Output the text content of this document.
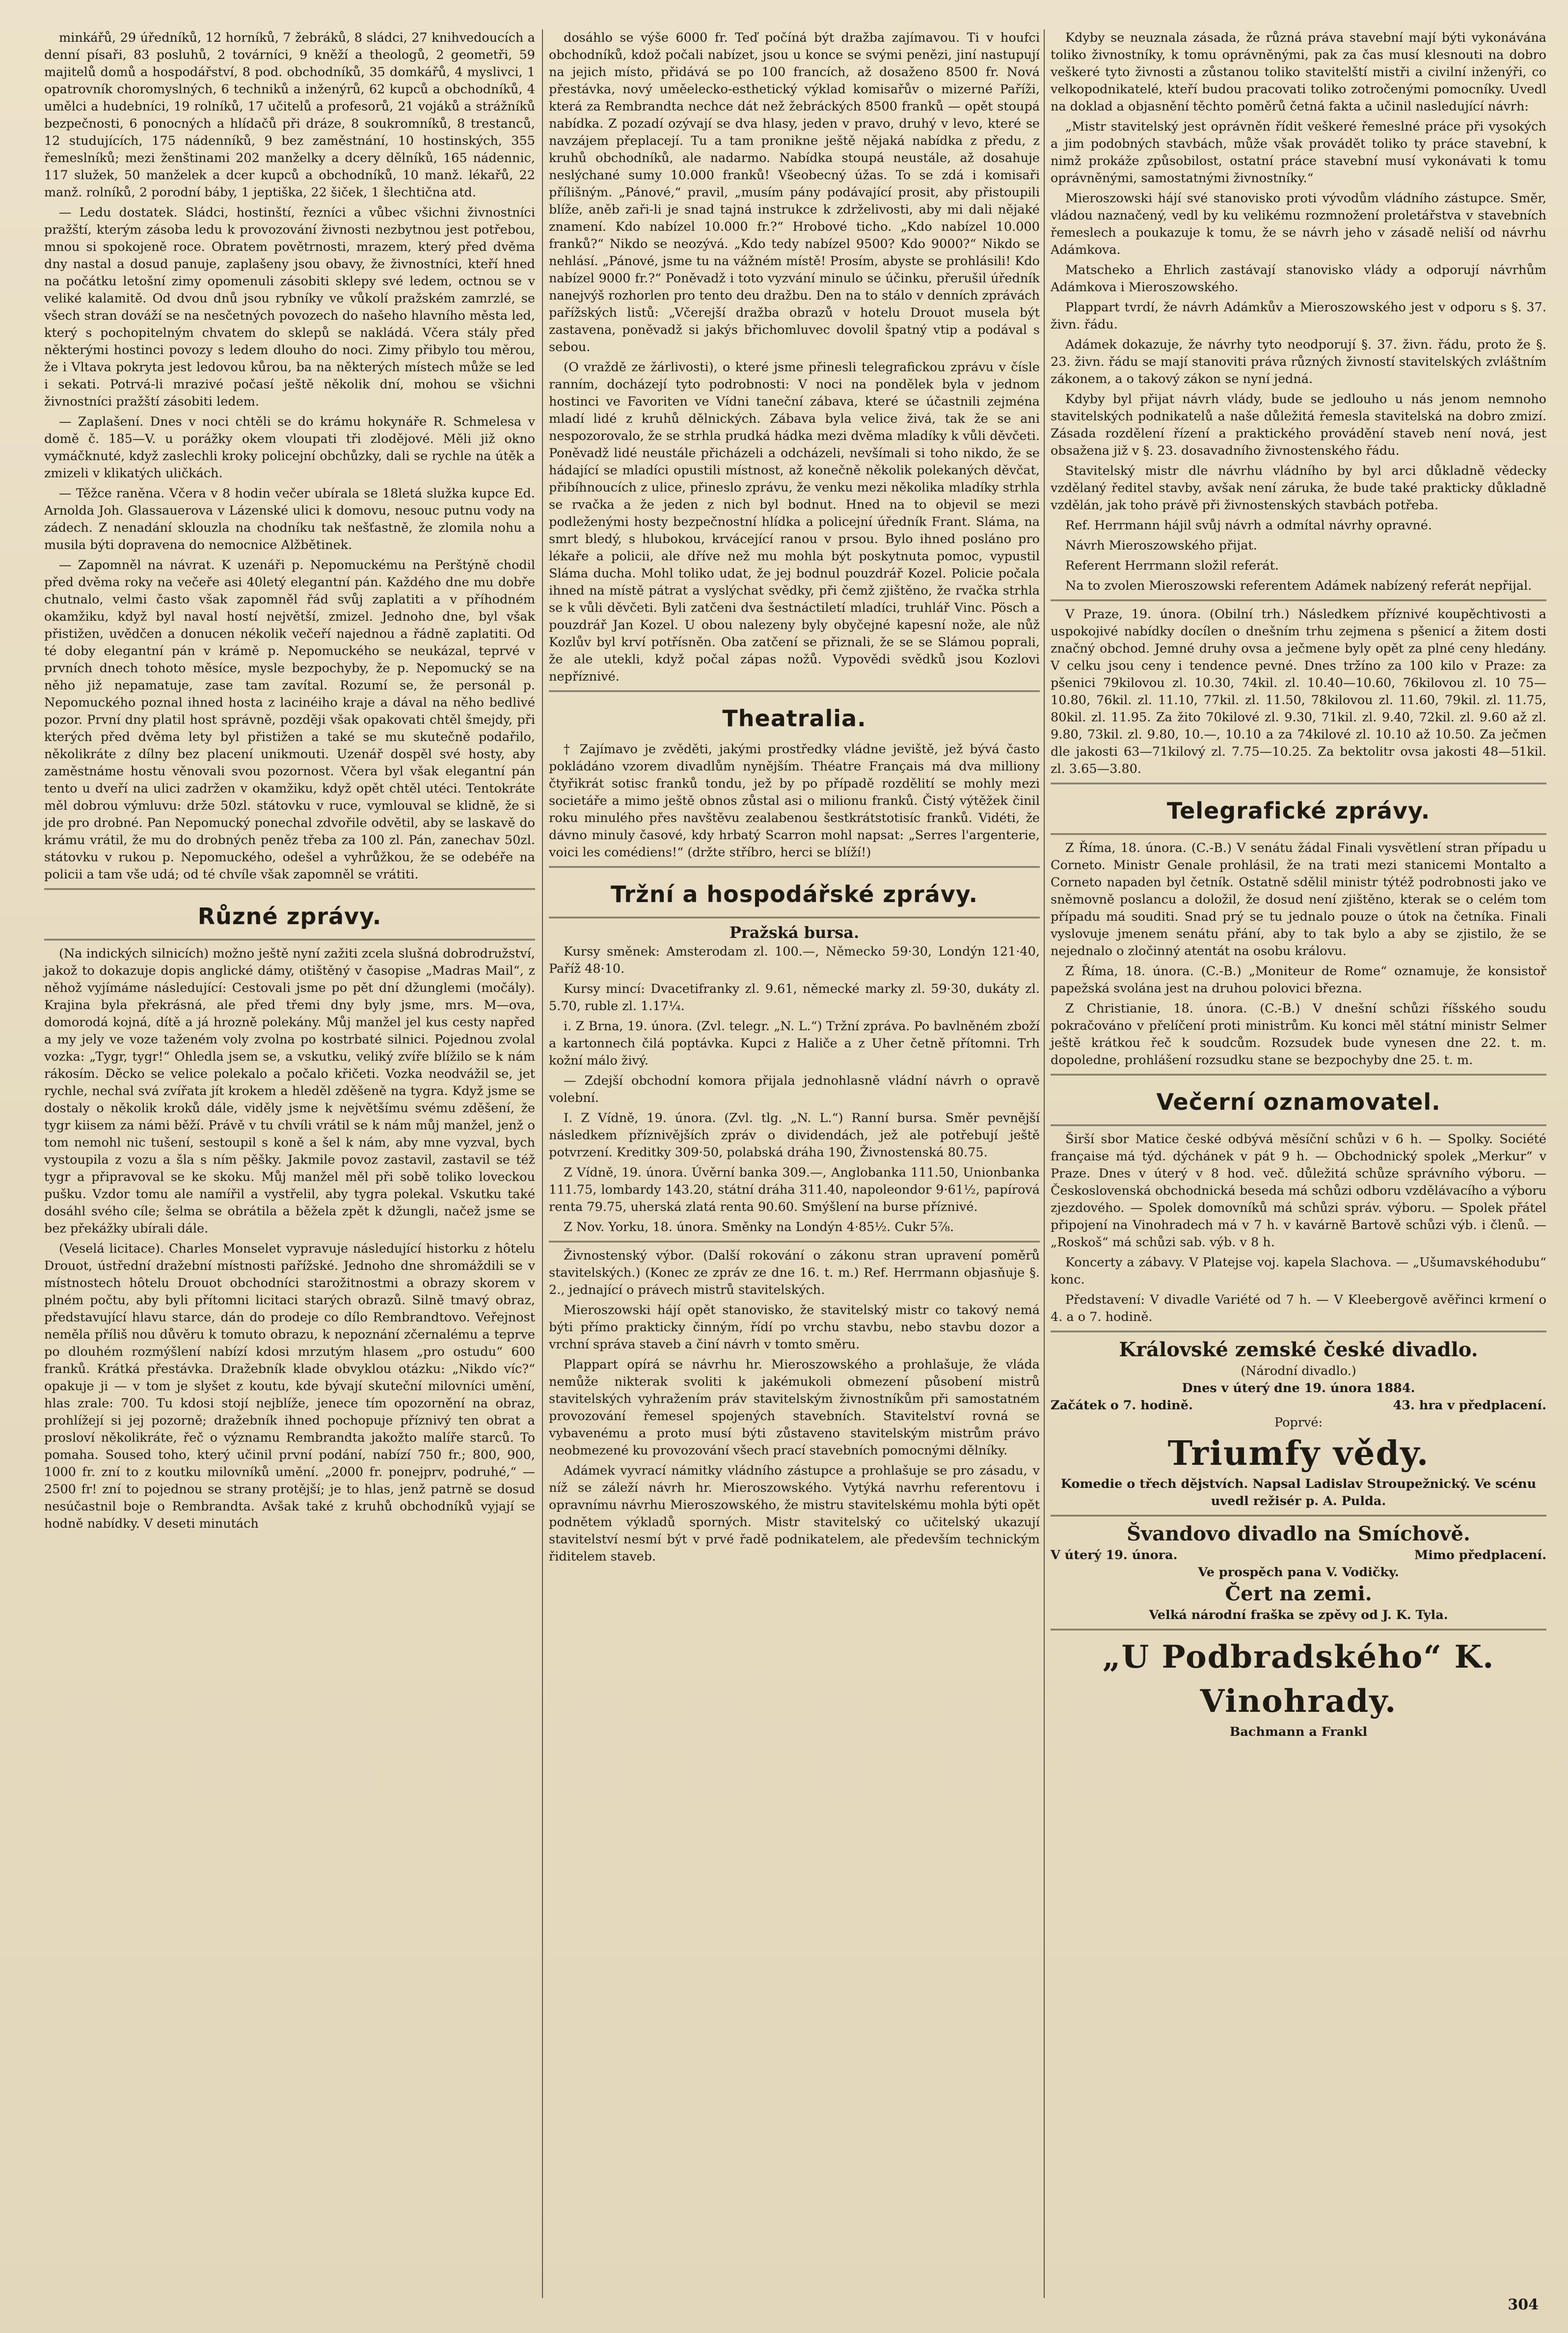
minkářů, 29 úředníků, 12 horníků, 7 žebráků, 8 sládci, 27 knihvedoucích a denní písaři, 83 posluhů, 2 továrníci, 9 kněží a theologů, 2 geometři, 59 majitelů domů a hospodářství, 8 pod. obchodníků, 35 domkářů, 4 myslivci, 1 opatrovník choromyslných, 6 techniků a inženýrů, 62 kupců a obchodníků, 4 umělci a hudebníci, 19 rolníků, 17 učitelů a profesorů, 21 vojáků a strážníků bezpečnosti, 6 ponocných a hlídačů při dráze, 8 soukromníků, 8 trestanců, 12 studujících, 175 nádenníků, 9 bez zaměstnání, 10 hostinských, 355 řemeslníků; mezi ženštinami 202 manželky a dcery dělníků, 165 nádennic, 117 služek, 50 manželek a dcer kupců a obchodníků, 10 manž. lékařů, 22 manž. rolníků, 2 porodní báby, 1 jeptiška, 22 šiček, 1 šlechtična atd.

— Ledu dostatek. Sládci, hostinští, řezníci a vůbec všichni živnostníci pražští, kterým zásoba ledu k provozování živnosti nezbytnou jest potřebou, mnou si spokojeně roce. Obratem povětrnosti, mrazem, který před dvěma dny nastal a dosud panuje, zaplašeny jsou obavy, že živnostníci, kteří hned na počátku letošní zimy opomenuli zásobiti sklepy své ledem, octnou se v veliké kalamitě. Od dvou dnů jsou rybníky ve vůkolí pražském zamrzlé, se všech stran dováží se na nesčetných povozech do našeho hlavního města led, který s pochopitelným chvatem do sklepů se nakládá. Včera stály před některými hostinci povozy s ledem dlouho do noci. Zimy přibylo tou měrou, že i Vltava pokryta jest ledovou kůrou, ba na některých místech může se led i sekati. Potrvá-li mrazivé počasí ještě několik dní, mohou se všichni živnostníci pražští zásobiti ledem.

— Zaplašení. Dnes v noci chtěli se do krámu hokynáře R. Schmelesa v domě č. 185—V. u porážky okem vloupati tři zlodějové. Měli již okno vymáčknuté, když zaslechli kroky policejní obchůzky, dali se rychle na útěk a zmizeli v klikatých uličkách.

— Těžce raněna. Včera v 8 hodin večer ubírala se 18letá služka kupce Ed. Arnolda Joh. Glassauerova v Lázenské ulici k domovu, nesouc putnu vody na zádech. Z nenadání sklouzla na chodníku tak nešťastně, že zlomila nohu a musila býti dopravena do nemocnice Alžbětinek.

— Zapomněl na návrat. K uzenáři p. Nepomuckému na Perštýně chodil před dvěma roky na večeře asi 40letý elegantní pán. Každého dne mu dobře chutnalo, velmi často však zapomněl řád svůj zaplatiti a v příhodném okamžiku, když byl naval hostí největší, zmizel. Jednoho dne, byl však přistižen, uvědčen a donucen nékolik večeří najednou a řádně zaplatiti. Od té doby elegantní pán v krámě p. Nepomuckého se neukázal, teprvé v prvních dnech tohoto měsíce, mysle bezpochyby, že p. Nepomucký se na něho již nepamatuje, zase tam zavítal. Rozumí se, že personál p. Nepomuckého poznal ihned hosta z lacinéiho kraje a dával na něho bedlivé pozor. První dny platil host správně, později však opakovati chtěl šmejdy, při kterých před dvěma lety byl přistižen a také se mu skutečně podařilo, několikráte z dílny bez placení unikmouti. Uzenář dospěl své hosty, aby zaměstnáme hostu věnovali svou pozornost. Včera byl však elegantní pán tento u dveří na ulici zadržen v okamžiku, když opět chtěl utéci. Tentokráte měl dobrou výmluvu: drže 50zl. státovku v ruce, vymlouval se klidně, že si jde pro drobné. Pan Nepomucký ponechal zdvořile odvětil, aby se laskavě do krámu vrátil, že mu do drobných peněz třeba za 100 zl. Pán, zanechav 50zl. státovku v rukou p. Nepomuckého, odešel a vyhrůžkou, že se odebéře na policii a tam vše udá; od té chvíle však zapomněl se vrátiti.

Různé zprávy.

(Na indických silnicích) možno ještě nyní zažiti zcela slušná dobrodružství, jakož to dokazuje dopis anglické dámy, otištěný v časopise „Madras Mail“, z něhož vyjímáme následující: Cestovali jsme po pět dní džunglemi (močály). Krajina byla překrásná, ale před třemi dny byly jsme, mrs. M—ova, domorodá kojná, dítě a já hrozně polekány. Můj manžel jel kus cesty napřed a my jely ve voze taženém voly zvolna po kostrbaté silnici. Pojednou zvolal vozka: „Tygr, tygr!“ Ohledla jsem se, a vskutku, veliký zvíře blížilo se k nám rákosím. Děcko se velice polekalo a počalo křičeti. Vozka neodvážil se, jet rychle, nechal svá zvířata jít krokem a hleděl zděšeně na tygra. Když jsme se dostaly o několik kroků dále, viděly jsme k největšímu svému zděšení, že tygr kiisem za námi běží. Právě v tu chvíli vrátil se k nám můj manžel, jenž o tom nemohl nic tušení, sestoupil s koně a šel k nám, aby mne vyzval, bych vystoupila z vozu a šla s ním pěšky. Jakmile povoz zastavil, zastavil se též tygr a připravoval se ke skoku. Můj manžel měl při sobě toliko loveckou pušku. Vzdor tomu ale namířil a vystřelil, aby tygra polekal. Vskutku také dosáhl svého cíle; šelma se obrátila a běžela zpět k džungli, načež jsme se bez překážky ubírali dále.

(Veselá licitace). Charles Monselet vypravuje následující historku z hôtelu Drouot, ústřední dražební místnosti pařížské. Jednoho dne shromáždili se v místnostech hôtelu Drouot obchodníci starožitnostmi a obrazy skorem v plném počtu, aby byli přítomni licitaci starých obrazů. Silně tmavý obraz, představující hlavu starce, dán do prodeje co dílo Rembrandtovo. Veřejnost neměla příliš nou důvěru k tomuto obrazu, k nepoznání zčernalému a teprve po dlouhém rozmýšlení nabízí kdosi mrzutým hlasem „pro ostudu“ 600 franků. Krátká přestávka. Dražebník klade obvyklou otázku: „Nikdo víc?“ opakuje ji — v tom je slyšet z koutu, kde bývají skuteční milovníci umění, hlas zrale: 700. Tu kdosi stojí nejblíže, jenece tím opozornění na obraz, prohlížejí si jej pozorně; dražebník ihned pochopuje příznivý ten obrat a prosloví několikráte, řeč o významu Rembrandta jakožto malíře starců. To pomaha. Soused toho, který učinil první podání, nabízí 750 fr.; 800, 900, 1000 fr. zní to z koutku milovníků umění. „2000 fr. ponejprv, podruhé,“ — 2500 fr! zní to pojednou se strany protější; je to hlas, jenž patrně se dosud nesúčastnil boje o Rembrandta. Avšak také z kruhů obchodníků vyjají se hodně nabídky. V deseti minutách

dosáhlo se výše 6000 fr. Teď počíná být dražba zajímavou. Ti v houfci obchodníků, kdož počali nabízet, jsou u konce se svými penězi, jiní nastupují na jejich místo, přidává se po 100 francích, až dosaženo 8500 fr. Nová přestávka, nový uměelecko-esthetický výklad komisařův o mizerné Paříži, která za Rembrandta nechce dát než žebráckých 8500 franků — opět stoupá nabídka. Z pozadí ozývají se dva hlasy, jeden v pravo, druhý v levo, které se navzájem přeplacejí. Tu a tam pronikne ještě nějaká nabídka z předu, z kruhů obchodníků, ale nadarmo. Nabídka stoupá neustále, až dosahuje neslýchané sumy 10.000 franků! Všeobecný úžas. To se zdá i komisaři přílišným. „Pánové,“ pravil, „musím pány podávající prosit, aby přistoupili blíže, aněb zaři-li je snad tajná instrukce k zdrželivosti, aby mi dali nějaké znamení. Kdo nabízel 10.000 fr.?“ Hrobové ticho. „Kdo nabízel 10.000 franků?“ Nikdo se neozývá. „Kdo tedy nabízel 9500? Kdo 9000?“ Nikdo se nehlásí. „Pánové, jsme tu na vážném místě! Prosím, abyste se prohlásili! Kdo nabízel 9000 fr.?“ Poněvadž i toto vyzvání minulo se účinku, přerušil úředník nanejvýš rozhorlen pro tento deu dražbu. Den na to stálo v denních zprávách pařížských listů: „Včerejší dražba obrazů v hotelu Drouot musela být zastavena, poněvadž si jakýs břichomluvec dovolil špatný vtip a podával s sebou.

(O vraždě ze žárlivosti), o které jsme přinesli telegrafickou zprávu v čísle ranním, docházejí tyto podrobnosti: V noci na pondělek byla v jednom hostinci ve Favoriten ve Vídni taneční zábava, které se účastnili zejména mladí lidé z kruhů dělnických. Zábava byla velice živá, tak že se ani nespozorovalo, že se strhla prudká hádka mezi dvěma mladíky k vůli děvčeti. Poněvadž lidé neustále přicházeli a odcházeli, nevšímali si toho nikdo, že se hádající se mladíci opustili místnost, až konečně několik polekaných děvčat, přibíhnoucích z ulice, přineslo zprávu, že venku mezi několika mladíky strhla se rvačka a že jeden z nich byl bodnut. Hned na to objevil se mezi podleženými hosty bezpečnostní hlídka a policejní úředník Frant. Sláma, na smrt bledý, s hlubokou, krvácející ranou v prsou. Bylo ihned posláno pro lékaře a policii, ale dříve než mu mohla být poskytnuta pomoc, vypustil Sláma ducha. Mohl toliko udat, že jej bodnul pouzdrář Kozel. Policie počala ihned na místě pátrat a vyslýchat svědky, při čemž zjištěno, že rvačka strhla se k vůli děvčeti. Byli zatčeni dva šestnáctiletí mladíci, truhlář Vinc. Pösch a pouzdrář Jan Kozel. U obou nalezeny byly obyčejné kapesní nože, ale nůž Kozlův byl krví potřísněn. Oba zatčení se přiznali, že se se Slámou poprali, že ale utekli, když počal zápas nožů. Vypovědi svědků jsou Kozlovi nepříznivé.

Theatralia.

† Zajímavo je zvěděti, jakými prostředky vládne jeviště, jež bývá často pokládáno vzorem divadlům nynějším. Théatre Français má dva milliony čtyřikrát sotisc franků tondu, jež by po případě rozdělití se mohly mezi societáře a mimo ještě obnos zůstal asi o milionu franků. Čistý výtěžek činil roku minulého přes navštěvu zealabenou šestkrátstotisíc franků. Vidéti, že dávno minuly časové, kdy hrbatý Scarron mohl napsat: „Serres l'argenterie, voici les comédiens!“ (držte stříbro, herci se blíží!)

Tržní a hospodářské zprávy.
Pražská bursa.

Kursy směnek: Amsterodam zl. 100.—, Německo 59·30, Londýn 121·40, Paříž 48·10.

Kursy mincí: Dvacetifranky zl. 9.61, německé marky zl. 59·30, dukáty zl. 5.70, ruble zl. 1.17¼.

i. Z Brna, 19. února. (Zvl. telegr. „N. L.“) Tržní zpráva. Po bavlněném zboží a kartonnech čilá poptávka. Kupci z Haliče a z Uher četně přítomni. Trh kožní málo živý.

— Zdejší obchodní komora přijala jednohlasně vládní návrh o opravě volební.

I. Z Vídně, 19. února. (Zvl. tlg. „N. L.“) Ranní bursa. Směr pevnější následkem příznivějších zpráv o dividendách, jež ale potřebují ještě potvrzení. Kreditky 309·50, polabská dráha 190, Živnostenská 80.75.

Z Vídně, 19. února. Úvěrní banka 309.—, Anglobanka 111.50, Unionbanka 111.75, lombardy 143.20, státní dráha 311.40, napoleondor 9·61½, papírová renta 79.75, uherská zlatá renta 90.60. Smýšlení na burse příznivé.

Z Nov. Yorku, 18. února. Směnky na Londýn 4·85½. Cukr 5⅞.

Živnostenský výbor. (Další rokování o zákonu stran upravení poměrů stavitelských.) (Konec ze zpráv ze dne 16. t. m.) Ref. Herrmann objasňuje §. 2., jednající o právech mistrů stavitelských.

Mieroszowski hájí opět stanovisko, že stavitelský mistr co takový nemá býti přímo prakticky činným, řídí po vrchu stavbu, nebo stavbu dozor a vrchní správa staveb a činí návrh v tomto směru.

Plappart opírá se návrhu hr. Mieroszowského a prohlašuje, že vláda nemůže nikterak svoliti k jakémukoli obmezení působení mistrů stavitelských vyhražením práv stavitelským živnostníkům při samostatném provozování řemesel spojených stavebních. Stavitelství rovná se vybavenému a proto musí býti zůstaveno stavitelským mistrům právo neobmezené ku provozování všech prací stavebních pomocnými dělníky.

Adámek vyvrací námitky vládního zástupce a prohlašuje se pro zásadu, v níž se záleží návrh hr. Mieroszowského. Vytýká navrhu referentovu i opravnímu návrhu Mieroszowského, že mistru stavitelskému mohla býti opět podnětem výkladů sporných. Mistr stavitelský co učitelský ukazují stavitelství nesmí být v prvé řadě podnikatelem, ale především technickým řiditelem staveb.

Kdyby se neuznala zásada, že různá práva stavební mají býti vykonávána toliko živnostníky, k tomu oprávněnými, pak za čas musí klesnouti na dobro veškeré tyto živnosti a zůstanou toliko stavitelští mistři a civilní inženýři, co velkopodnikatelé, kteří budou pracovati toliko zotročenými pomocníky. Uvedl na doklad a objasnění těchto poměrů četná fakta a učinil nasledující návrh:

„Mistr stavitelský jest oprávněn řídit veškeré řemeslné práce při vysokých a jim podobných stavbách, může však provádět toliko ty práce stavební, k nimž prokáže způsobilost, ostatní práce stavební musí vykonávati k tomu oprávněnými, samostatnými živnostníky.“

Mieroszowski hájí své stanovisko proti vývodům vládního zástupce. Směr, vládou naznačený, vedl by ku velikému rozmnožení proletářstva v stavebních řemeslech a poukazuje k tomu, že se návrh jeho v zásadě neliší od návrhu Adámkova.

Matscheko a Ehrlich zastávají stanovisko vlády a odporují návrhům Adámkova i Mieroszowského.

Plappart tvrdí, že návrh Adámkův a Mieroszowského jest v odporu s §. 37. živn. řádu.

Adámek dokazuje, že návrhy tyto neodporují §. 37. živn. řádu, proto že §. 23. živn. řádu se mají stanoviti práva různých živností stavitelských zvláštním zákonem, a o takový zákon se nyní jedná.

Kdyby byl přijat návrh vlády, bude se jedlouho u nás jenom nemnoho stavitelských podnikatelů a naše důležitá řemesla stavitelská na dobro zmizí. Zásada rozdělení řízení a praktického provádění staveb není nová, jest obsažena již v §. 23. dosavadního živnostenského řádu.

Stavitelský mistr dle návrhu vládního by byl arci důkladně vědecky vzdělaný ředitel stavby, avšak není záruka, že bude také prakticky důkladně vzdělán, jak toho právě při živnostenských stavbách potřeba.

Ref. Herrmann hájil svůj návrh a odmítal návrhy opravné.

Návrh Mieroszowského přijat.

Referent Herrmann složil referát.

Na to zvolen Mieroszowski referentem Adámek nabízený referát nepřijal.

V Praze, 19. února. (Obilní trh.) Následkem příznivé koupěchtivosti a uspokojivé nabídky docílen o dnešním trhu zejmena s pšenicí a žitem dosti značný obchod. Jemné druhy ovsa a ječmene byly opět za plné ceny hledány. V celku jsou ceny i tendence pevné. Dnes tržíno za 100 kilo v Praze: za pšenici 79kilovou zl. 10.30, 74kil. zl. 10.40—10.60, 76kilovou zl. 10 75—10.80, 76kil. zl. 11.10, 77kil. zl. 11.50, 78kilovou zl. 11.60, 79kil. zl. 11.75, 80kil. zl. 11.95. Za žito 70kilové zl. 9.30, 71kil. zl. 9.40, 72kil. zl. 9.60 až zl. 9.80, 73kil. zl. 9.80, 10.—, 10.10 a za 74kilové zl. 10.10 až 10.50. Za ječmen dle jakosti 63—71kilový zl. 7.75—10.25. Za bektolitr ovsa jakosti 48—51kil. zl. 3.65—3.80.

Telegrafické zprávy.

Z Říma, 18. února. (C.-B.) V senátu žádal Finali vysvětlení stran případu u Corneto. Ministr Genale prohlásil, že na trati mezi stanicemi Montalto a Corneto napaden byl četník. Ostatně sdělil ministr týtéž podrobnosti jako ve sněmovně poslancu a doložil, že dosud není zjištěno, kterak se o celém tom případu má souditi. Snad prý se tu jednalo pouze o útok na četníka. Finali vyslovuje jmenem senátu přání, aby to tak bylo a aby se zjistilo, že se nejednalo o zločinný atentát na osobu královu.

Z Říma, 18. února. (C.-B.) „Moniteur de Rome“ oznamuje, že konsistoř papežská svolána jest na druhou polovici března.

Z Christianie, 18. února. (C.-B.) V dnešní schůzi říšského soudu pokračováno v přelíčení proti ministrům. Ku konci měl státní ministr Selmer ještě krátkou řeč k soudcům. Rozsudek bude vynesen dne 22. t. m. dopoledne, prohlášení rozsudku stane se bezpochyby dne 25. t. m.

Večerní oznamovatel.

Širší sbor Matice české odbývá měsíční schůzi v 6 h. — Spolky. Société française má týd. dýchánek v pát 9 h. — Obchodnický spolek „Merkur“ v Praze. Dnes v úterý v 8 hod. več. důležitá schůze správního výboru. — Československá obchodnická beseda má schůzi odboru vzdělávacího a výboru zjezdového. — Spolek domovníků má schůzi správ. výboru. — Spolek přátel připojení na Vinohradech má v 7 h. v kavárně Bartově schůzi výb. i členů. — „Roskoš“ má schůzi sab. výb. v 8 h.

Koncerty a zábavy. V Platejse voj. kapela Slachova. — „Ušumavskéhodubu“ konc.

Představení: V divadle Variété od 7 h. — V Kleebergově avěřinci krmení o 4. a o 7. hodině.

Královské zemské české divadlo.
(Národní divadlo.)
Dnes v úterý dne 19. února 1884.
Začátek o 7. hodině.	43. hra v předplacení.
Poprvé:
Triumfy vědy.
Komedie o třech dějstvích. Napsal Ladislav Stroupežnický. Ve scénu uvedl režisér p. A. Pulda.
Švandovo divadlo na Smíchově.
V úterý 19. února.	Mimo předplacení.
Ve prospěch pana V. Vodičky.
Čert na zemi.
Velká národní fraška se zpěvy od J. K. Tyla.
„U Podbradského“ K. Vinohrady.
Bachmann a Frankl
304
